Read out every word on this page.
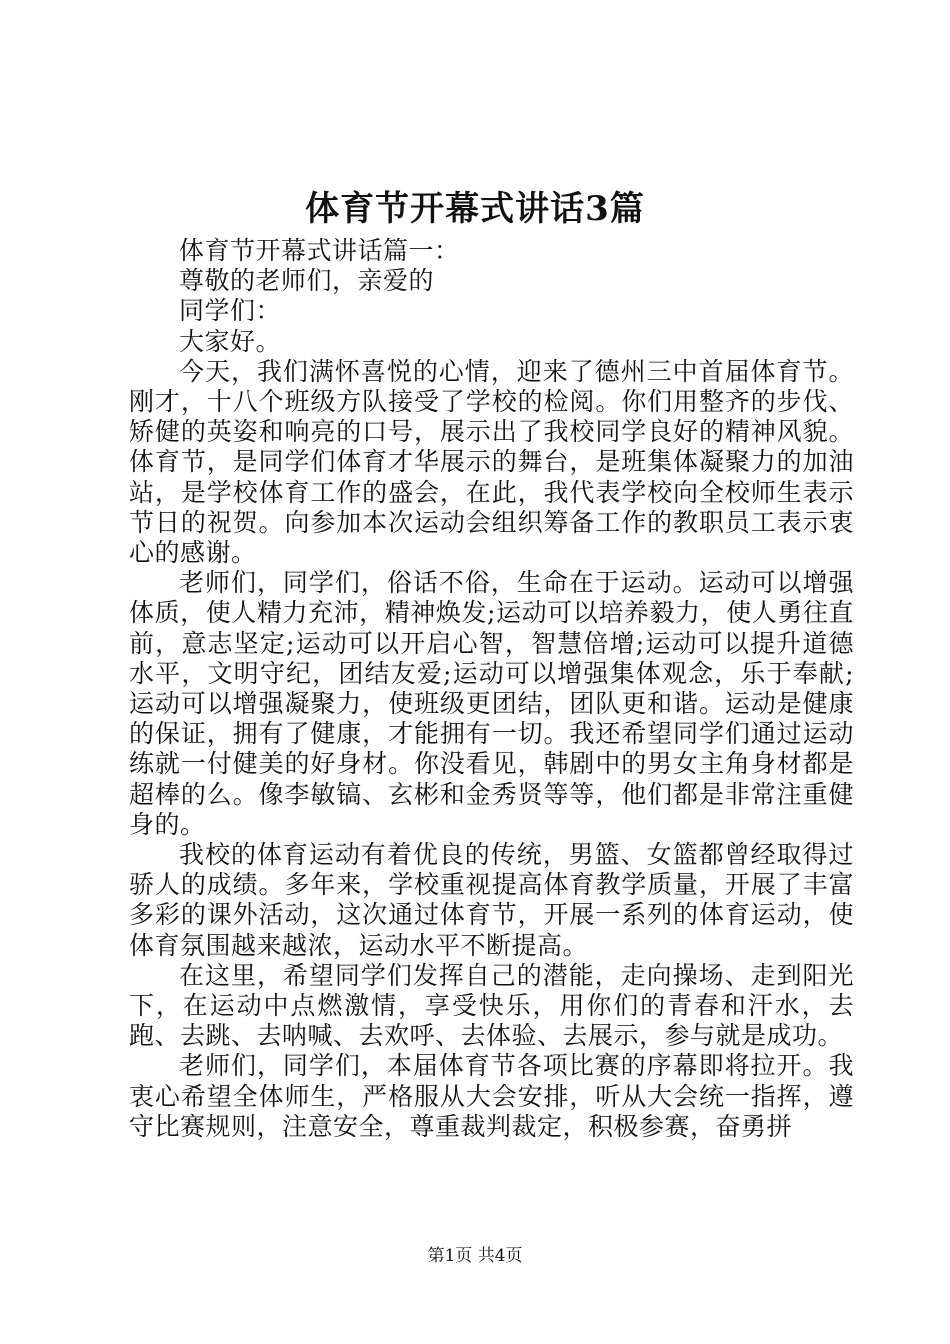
体育节开幕式讲话3篇

体育节开幕式讲话篇一：

尊敬的老师们，亲爱的

同学们：

大家好。

今天，我们满怀喜悦的心情，迎来了德州三中首届体育节。刚才，十八个班级方队接受了学校的检阅。你们用整齐的步伐、矫健的英姿和响亮的口号，展示出了我校同学良好的精神风貌。体育节，是同学们体育才华展示的舞台，是班集体凝聚力的加油站，是学校体育工作的盛会，在此，我代表学校向全校师生表示节日的祝贺。向参加本次运动会组织筹备工作的教职员工表示衷心的感谢。

老师们，同学们，俗话不俗，生命在于运动。运动可以增强体质，使人精力充沛，精神焕发;运动可以培养毅力，使人勇往直前，意志坚定;运动可以开启心智，智慧倍增;运动可以提升道德水平，文明守纪，团结友爱;运动可以增强集体观念，乐于奉献;运动可以增强凝聚力，使班级更团结，团队更和谐。运动是健康的保证，拥有了健康，才能拥有一切。我还希望同学们通过运动练就一付健美的好身材。你没看见，韩剧中的男女主角身材都是超棒的么。像李敏镐、玄彬和金秀贤等等，他们都是非常注重健身的。

我校的体育运动有着优良的传统，男篮、女篮都曾经取得过骄人的成绩。多年来，学校重视提高体育教学质量，开展了丰富多彩的课外活动，这次通过体育节，开展一系列的体育运动，使体育氛围越来越浓，运动水平不断提高。

在这里，希望同学们发挥自己的潜能，走向操场、走到阳光下，在运动中点燃激情，享受快乐，用你们的青春和汗水，去跑、去跳、去呐喊、去欢呼、去体验、去展示，参与就是成功。

老师们，同学们，本届体育节各项比赛的序幕即将拉开。我衷心希望全体师生，严格服从大会安排，听从大会统一指挥，遵守比赛规则，注意安全，尊重裁判裁定，积极参赛，奋勇拼

第1页 共4页
